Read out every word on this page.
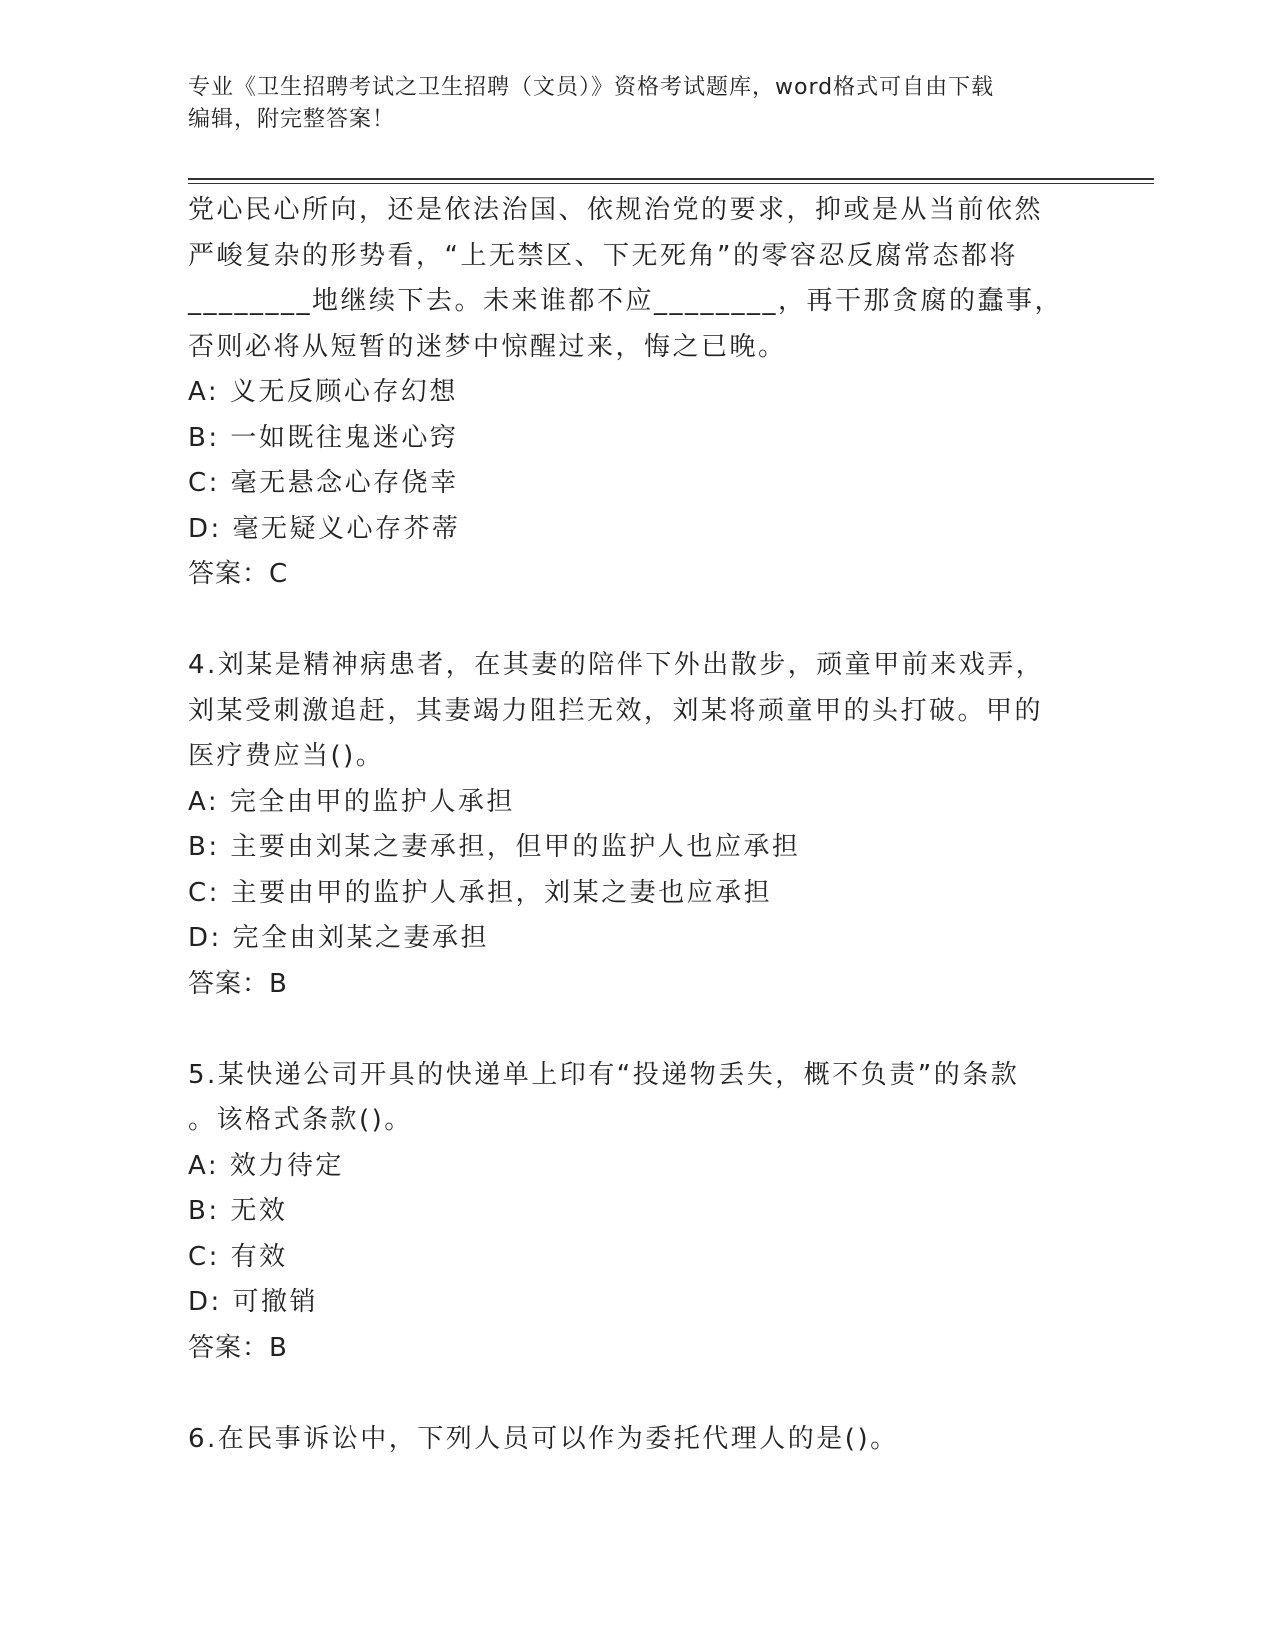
专业《卫生招聘考试之卫生招聘（文员）》资格考试题库，word格式可自由下载
编辑，附完整答案！
党心民心所向，还是依法治国、依规治党的要求，抑或是从当前依然
严峻复杂的形势看，“上无禁区、下无死角”的零容忍反腐常态都将
________地继续下去。未来谁都不应________，再干那贪腐的蠢事，
否则必将从短暂的迷梦中惊醒过来，悔之已晚。
A: 义无反顾心存幻想
B: 一如既往鬼迷心窍
C: 毫无悬念心存侥幸
D: 毫无疑义心存芥蒂
答案：C
4.刘某是精神病患者，在其妻的陪伴下外出散步，顽童甲前来戏弄，
刘某受刺激追赶，其妻竭力阻拦无效，刘某将顽童甲的头打破。甲的
医疗费应当()。
A: 完全由甲的监护人承担
B: 主要由刘某之妻承担，但甲的监护人也应承担
C: 主要由甲的监护人承担，刘某之妻也应承担
D: 完全由刘某之妻承担
答案：B
5.某快递公司开具的快递单上印有“投递物丢失，概不负责”的条款
。该格式条款()。
A: 效力待定
B: 无效
C: 有效
D: 可撤销
答案：B
6.在民事诉讼中，下列人员可以作为委托代理人的是()。
